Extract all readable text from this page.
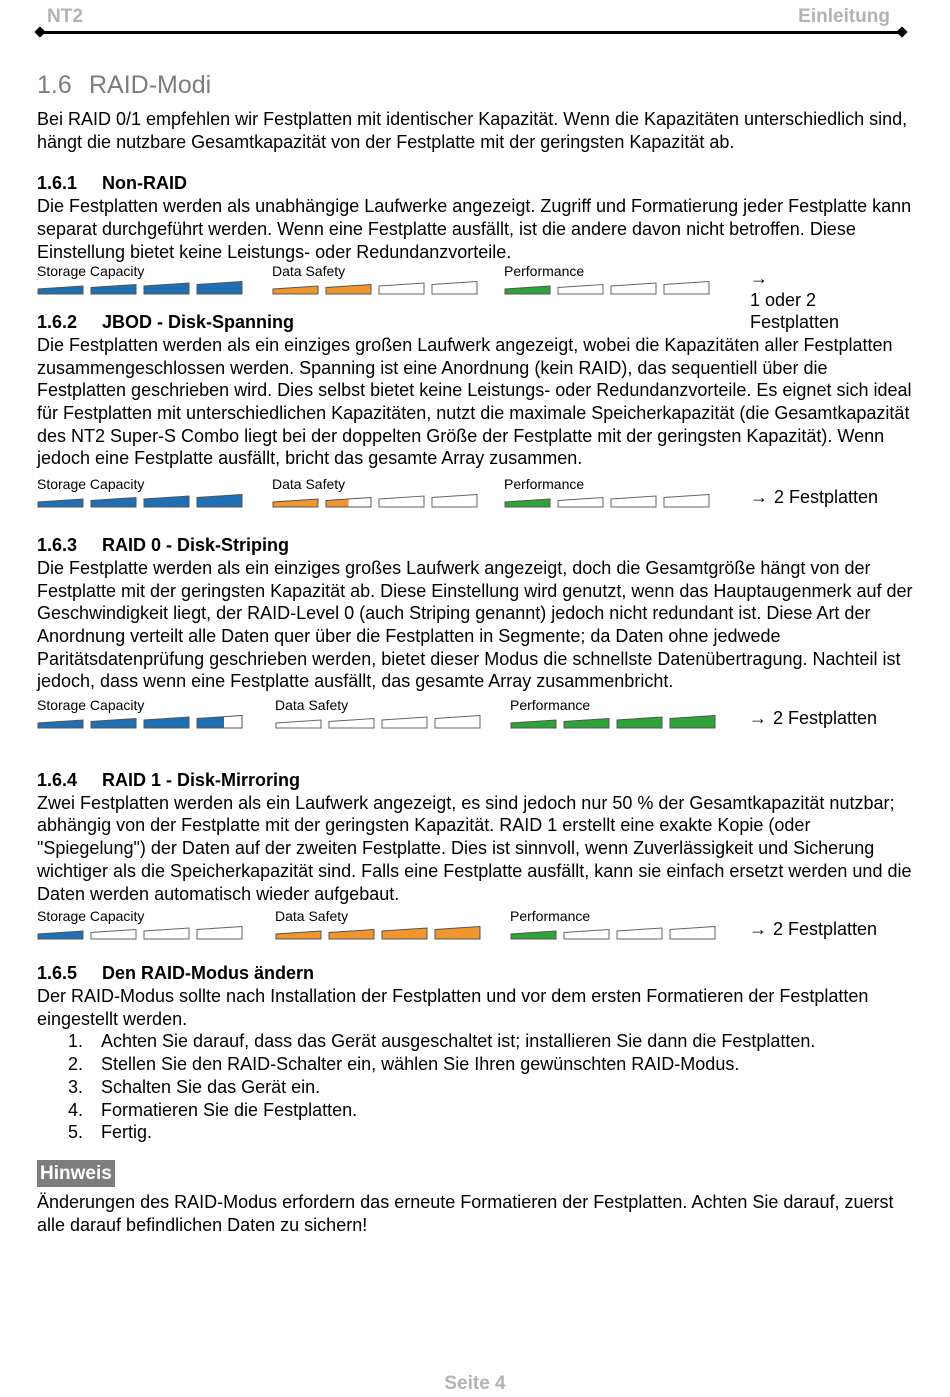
NT2	Einleitung
1.6 RAID-Modi

Bei RAID 0/1 empfehlen wir Festplatten mit identischer Kapazität. Wenn die Kapazitäten unterschiedlich sind, hängt die nutzbare Gesamtkapazität von der Festplatte mit der geringsten Kapazität ab.

1.6.1 Non-RAID

Die Festplatten werden als unabhängige Laufwerke angezeigt. Zugriff und Formatierung jeder Festplatte kann separat durchgeführt werden. Wenn eine Festplatte ausfällt, ist die andere davon nicht betroffen. Diese Einstellung bietet keine Leistungs- oder Redundanzvorteile.

Storage Capacity	Data Safety	Performance	→1 oder 2 Festplatten
1.6.2 JBOD - Disk-Spanning

Die Festplatten werden als ein einziges großen Laufwerk angezeigt, wobei die Kapazitäten aller Festplatten zusammengeschlossen werden. Spanning ist eine Anordnung (kein RAID), das sequentiell über die Festplatten geschrieben wird. Dies selbst bietet keine Leistungs- oder Redundanzvorteile. Es eignet sich ideal für Festplatten mit unterschiedlichen Kapazitäten, nutzt die maximale Speicherkapazität (die Gesamtkapazität des NT2 Super-S Combo liegt bei der doppelten Größe der Festplatte mit der geringsten Kapazität). Wenn jedoch eine Festplatte ausfällt, bricht das gesamte Array zusammen.

Storage Capacity	Data Safety	Performance
→ 2 Festplatten
1.6.3 RAID 0 - Disk-Striping

Die Festplatte werden als ein einziges großes Laufwerk angezeigt, doch die Gesamtgröße hängt von der Festplatte mit der geringsten Kapazität ab. Diese Einstellung wird genutzt, wenn das Hauptaugenmerk auf der Geschwindigkeit liegt, der RAID-Level 0 (auch Striping genannt) jedoch nicht redundant ist. Diese Art der Anordnung verteilt alle Daten quer über die Festplatten in Segmente; da Daten ohne jedwede Paritätsdatenprüfung geschrieben werden, bietet dieser Modus die schnellste Datenübertragung. Nachteil ist jedoch, dass wenn eine Festplatte ausfällt, das gesamte Array zusammenbricht.

Storage Capacity	Data Safety	Performance
→ 2 Festplatten
1.6.4 RAID 1 - Disk-Mirroring

Zwei Festplatten werden als ein Laufwerk angezeigt, es sind jedoch nur 50 % der Gesamtkapazität nutzbar; abhängig von der Festplatte mit der geringsten Kapazität. RAID 1 erstellt eine exakte Kopie (oder "Spiegelung") der Daten auf der zweiten Festplatte. Dies ist sinnvoll, wenn Zuverlässigkeit und Sicherung wichtiger als die Speicherkapazität sind. Falls eine Festplatte ausfällt, kann sie einfach ersetzt werden und die Daten werden automatisch wieder aufgebaut.

Storage Capacity	Data Safety	Performance
→ 2 Festplatten
1.6.5 Den RAID-Modus ändern

Der RAID-Modus sollte nach Installation der Festplatten und vor dem ersten Formatieren der Festplatten eingestellt werden.

1. Achten Sie darauf, dass das Gerät ausgeschaltet ist; installieren Sie dann die Festplatten.
2. Stellen Sie den RAID-Schalter ein, wählen Sie Ihren gewünschten RAID-Modus.
3. Schalten Sie das Gerät ein.
4. Formatieren Sie die Festplatten.
5. Fertig.
Hinweis

Änderungen des RAID-Modus erfordern das erneute Formatieren der Festplatten. Achten Sie darauf, zuerst alle darauf befindlichen Daten zu sichern!

Seite 4
